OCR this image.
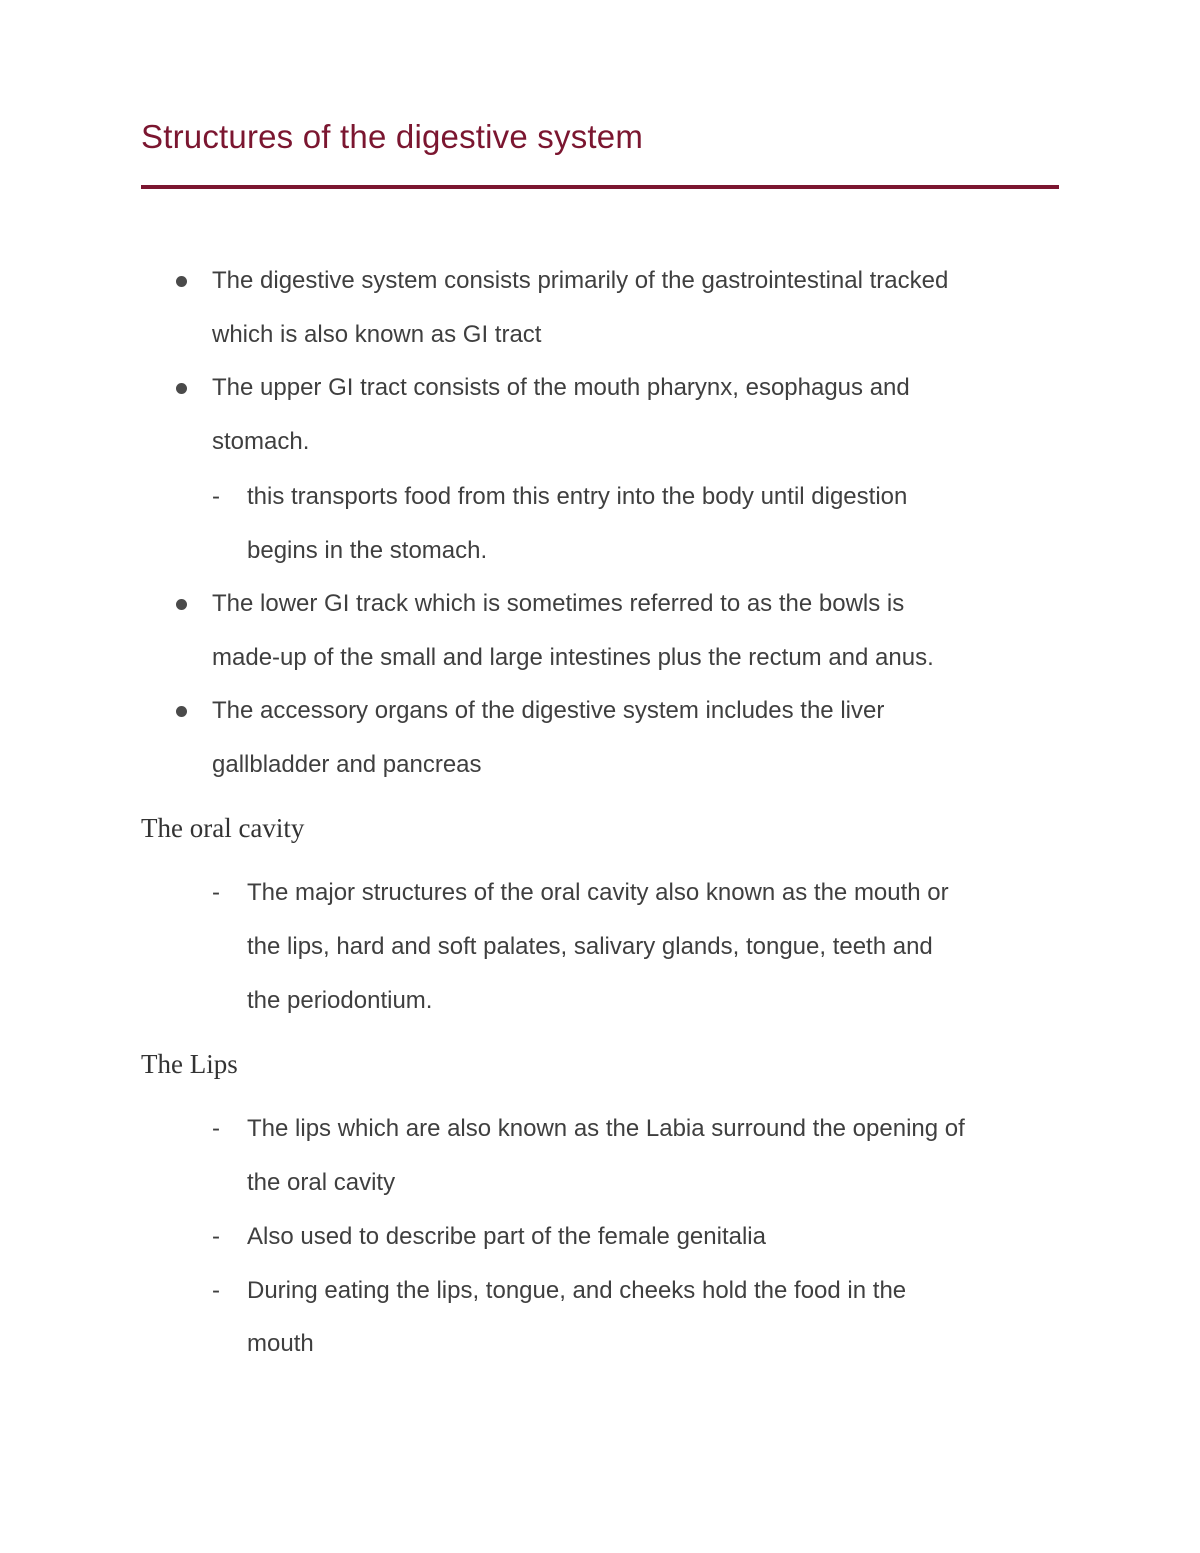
Structures of the digestive system
The digestive system consists primarily of the gastrointestinal tracked
which is also known as GI tract
The upper GI tract consists of the mouth pharynx, esophagus and
stomach.
- this transports food from this entry into the body until digestion
begins in the stomach.
The lower GI track which is sometimes referred to as the bowls is
made-up of the small and large intestines plus the rectum and anus.
The accessory organs of the digestive system includes the liver
gallbladder and pancreas
The oral cavity
- The major structures of the oral cavity also known as the mouth or
the lips, hard and soft palates, salivary glands, tongue, teeth and
the periodontium.
The Lips
- The lips which are also known as the Labia surround the opening of
the oral cavity
- Also used to describe part of the female genitalia
- During eating the lips, tongue, and cheeks hold the food in the
mouth
